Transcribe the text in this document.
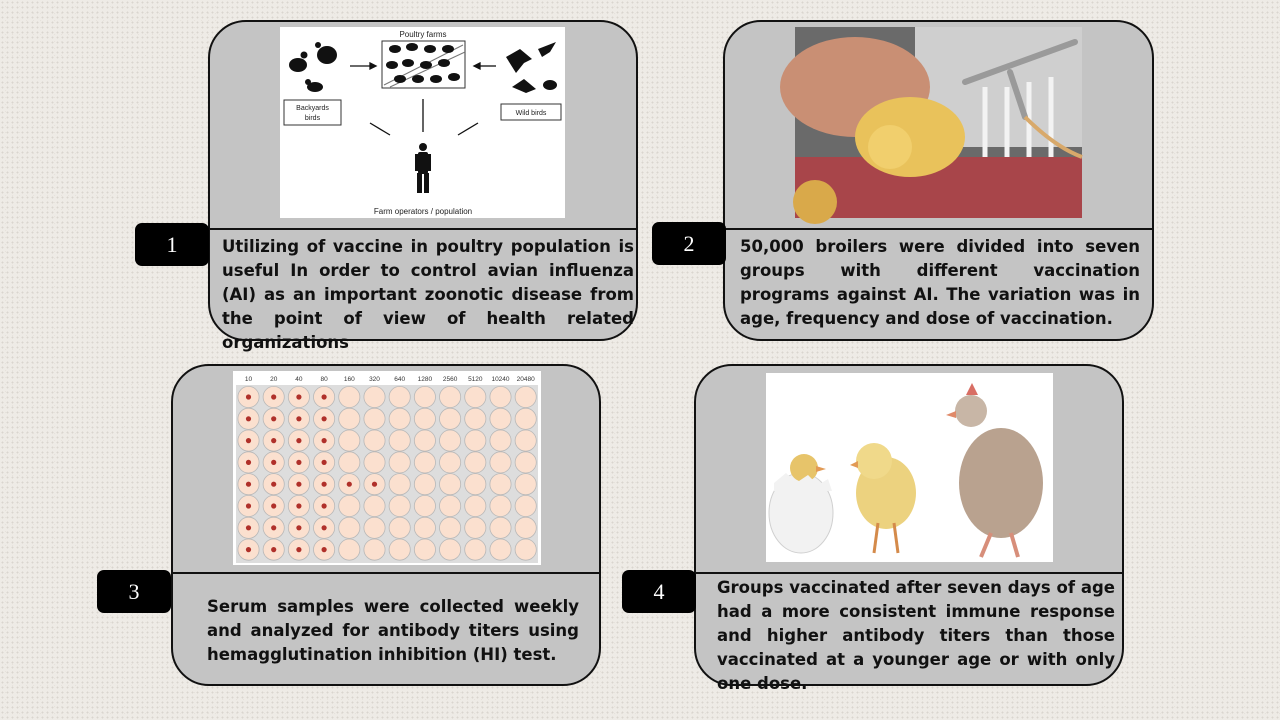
Poultry farms
Backyards
birds
Wild birds
Farm operators / population
Utilizing of vaccine in poultry population is useful In order to control avian influenza (AI) as an important zoonotic disease from the point of view of health related organizations
1	50,000 broilers were divided into seven groups with different vaccination programs against AI. The variation was in age, frequency and dose of vaccination.
2
10	20	40	80 160 320 640 1280 2560 5120 10240 20480
Serum samples were collected weekly and analyzed for antibody titers using hemagglutination inhibition (HI) test.
3	Groups vaccinated after seven days of age had a more consistent immune response and higher antibody titers than those vaccinated at a younger age or with only one dose.
4
